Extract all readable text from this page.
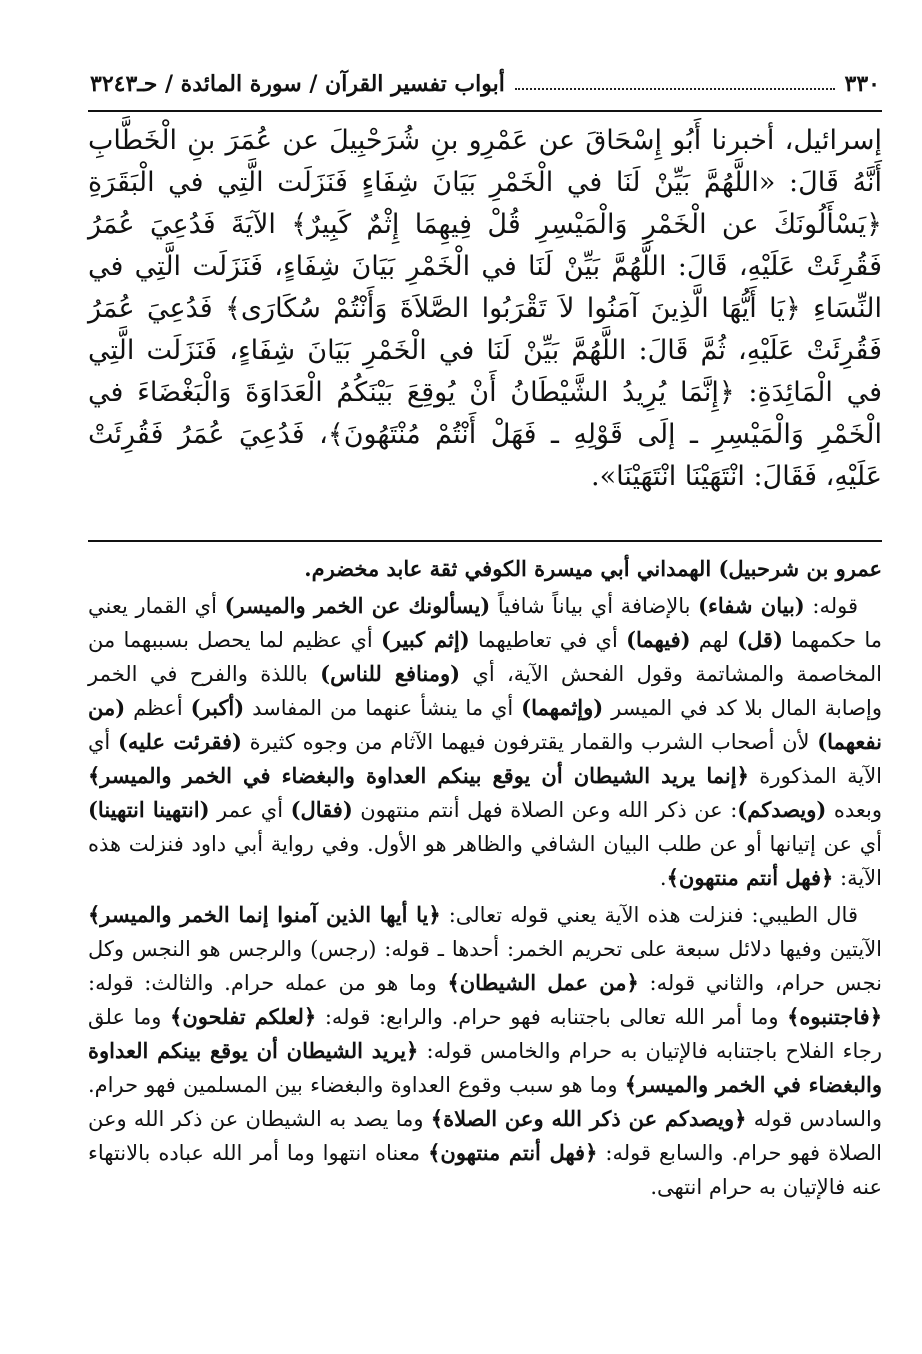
٣٣٠
أبواب تفسير القرآن / سورة المائدة / حـ٣٢٤٣
إسرائيل، أخبرنا أَبُو إِسْحَاقَ عن عَمْرِو بنِ شُرَحْبِيلَ عن عُمَرَ بنِ الْخَطَّابِ أَنَّهُ قَالَ: «اللَّهُمَّ بَيِّنْ لَنَا في الْخَمْرِ بَيَانَ شِفَاءٍ فَنَزَلَت الَّتِي في الْبَقَرَةِ ﴿يَسْأَلُونَكَ عن الْخَمْرِ وَالْمَيْسِرِ قُلْ فِيهِمَا إِثْمٌ كَبِيرٌ﴾ الآيَةَ فَدُعِيَ عُمَرُ فَقُرِئَتْ عَلَيْهِ، قَالَ: اللَّهُمَّ بَيِّنْ لَنَا في الْخَمْرِ بَيَانَ شِفَاءٍ، فَنَزَلَت الَّتِي في النِّسَاءِ ﴿يَا أَيُّهَا الَّذِينَ آمَنُوا لاَ تَقْرَبُوا الصَّلاَةَ وَأَنْتُمْ سُكَارَى﴾ فَدُعِيَ عُمَرُ فَقُرِئَتْ عَلَيْهِ، ثُمَّ قَالَ: اللَّهُمَّ بَيِّنْ لَنَا في الْخَمْرِ بَيَانَ شِفَاءٍ، فَنَزَلَت الَّتِي في الْمَائِدَةِ: ﴿إِنَّمَا يُرِيدُ الشَّيْطَانُ أَنْ يُوقِعَ بَيْنَكُمُ الْعَدَاوَةَ وَالْبَغْضَاءَ في الْخَمْرِ وَالْمَيْسِرِ ـ إلَى قَوْلِهِ ـ فَهَلْ أَنْتُمْ مُنْتَهُونَ﴾، فَدُعِيَ عُمَرُ فَقُرِئَتْ عَلَيْهِ، فَقَالَ: انْتَهَيْنَا انْتَهَيْنَا».

عمرو بن شرحبيل) الهمداني أبي ميسرة الكوفي ثقة عابد مخضرم.

قوله: (بيان شفاء) بالإضافة أي بياناً شافياً (يسألونك عن الخمر والميسر) أي القمار يعني ما حكمهما (قل) لهم (فيهما) أي في تعاطيهما (إثم كبير) أي عظيم لما يحصل بسببهما من المخاصمة والمشاتمة وقول الفحش الآية، أي (ومنافع للناس) باللذة والفرح في الخمر وإصابة المال بلا كد في الميسر (وإثمهما) أي ما ينشأ عنهما من المفاسد (أكبر) أعظم (من نفعهما) لأن أصحاب الشرب والقمار يقترفون فيهما الآثام من وجوه كثيرة (فقرئت عليه) أي الآية المذكورة ﴿إنما يريد الشيطان أن يوقع بينكم العداوة والبغضاء في الخمر والميسر﴾ وبعده (ويصدكم): عن ذكر الله وعن الصلاة فهل أنتم منتهون (فقال) أي عمر (انتهينا انتهينا) أي عن إتيانها أو عن طلب البيان الشافي والظاهر هو الأول. وفي رواية أبي داود فنزلت هذه الآية: ﴿فهل أنتم منتهون﴾.

قال الطيبي: فنزلت هذه الآية يعني قوله تعالى: ﴿يا أيها الذين آمنوا إنما الخمر والميسر﴾ الآيتين وفيها دلائل سبعة على تحريم الخمر: أحدها ـ قوله: (رجس) والرجس هو النجس وكل نجس حرام، والثاني قوله: ﴿من عمل الشيطان﴾ وما هو من عمله حرام. والثالث: قوله: ﴿فاجتنبوه﴾ وما أمر الله تعالى باجتنابه فهو حرام. والرابع: قوله: ﴿لعلكم تفلحون﴾ وما علق رجاء الفلاح باجتنابه فالإتيان به حرام والخامس قوله: ﴿يريد الشيطان أن يوقع بينكم العداوة والبغضاء في الخمر والميسر﴾ وما هو سبب وقوع العداوة والبغضاء بين المسلمين فهو حرام. والسادس قوله ﴿ويصدكم عن ذكر الله وعن الصلاة﴾ وما يصد به الشيطان عن ذكر الله وعن الصلاة فهو حرام. والسابع قوله: ﴿فهل أنتم منتهون﴾ معناه انتهوا وما أمر الله عباده بالانتهاء عنه فالإتيان به حرام انتهى.
